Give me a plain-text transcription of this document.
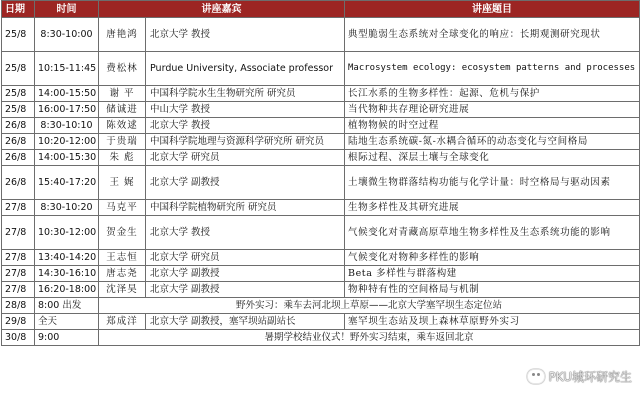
日期	时间	讲座嘉宾		讲座题目
25/8	8:30-10:00	唐艳鸿	北京大学 教授	典型脆弱生态系统对全球变化的响应：长期观测研究现状
25/8	10:15-11:45	费松林	Purdue University, Associate professor	Macrosystem ecology: ecosystem patterns and processes
25/8	14:00-15:50	谢 平	中国科学院水生生物研究所 研究员	长江水系的生物多样性：起源、危机与保护
25/8	16:00-17:50	储诚进	中山大学 教授	当代物种共存理论研究进展
26/8	8:30-10:10	陈效逑	北京大学 教授	植物物候的时空过程
26/8	10:20-12:00	于贵瑞	中国科学院地理与资源科学研究所 研究员	陆地生态系统碳-氮-水耦合循环的动态变化与空间格局
26/8	14:00-15:30	朱 彪	北京大学 研究员	根际过程、深层土壤与全球变化
26/8	15:40-17:20	王 娓	北京大学 副教授	土壤微生物群落结构功能与化学计量：时空格局与驱动因素
27/8	8:30-10:20	马克平	中国科学院植物研究所 研究员	生物多样性及其研究进展
27/8	10:30-12:00	贺金生	北京大学 教授	气候变化对青藏高原草地生物多样性及生态系统功能的影响
27/8	13:40-14:20	王志恒	北京大学 研究员	气候变化对物种多样性的影响
27/8	14:30-16:10	唐志尧	北京大学 副教授	Beta 多样性与群落构建
27/8	16:20-18:00	沈泽昊	北京大学 副教授	物种特有性的空间格局与机制
28/8	8:00 出发	野外实习：乘车去河北坝上草原——北京大学塞罕坝生态定位站		
29/8	全天	郑成洋	北京大学 副教授，塞罕坝站副站长	塞罕坝生态站及坝上森林草原野外实习
30/8	9:00	暑期学校结业仪式！野外实习结束，乘车返回北京		
PKU城环研究生
